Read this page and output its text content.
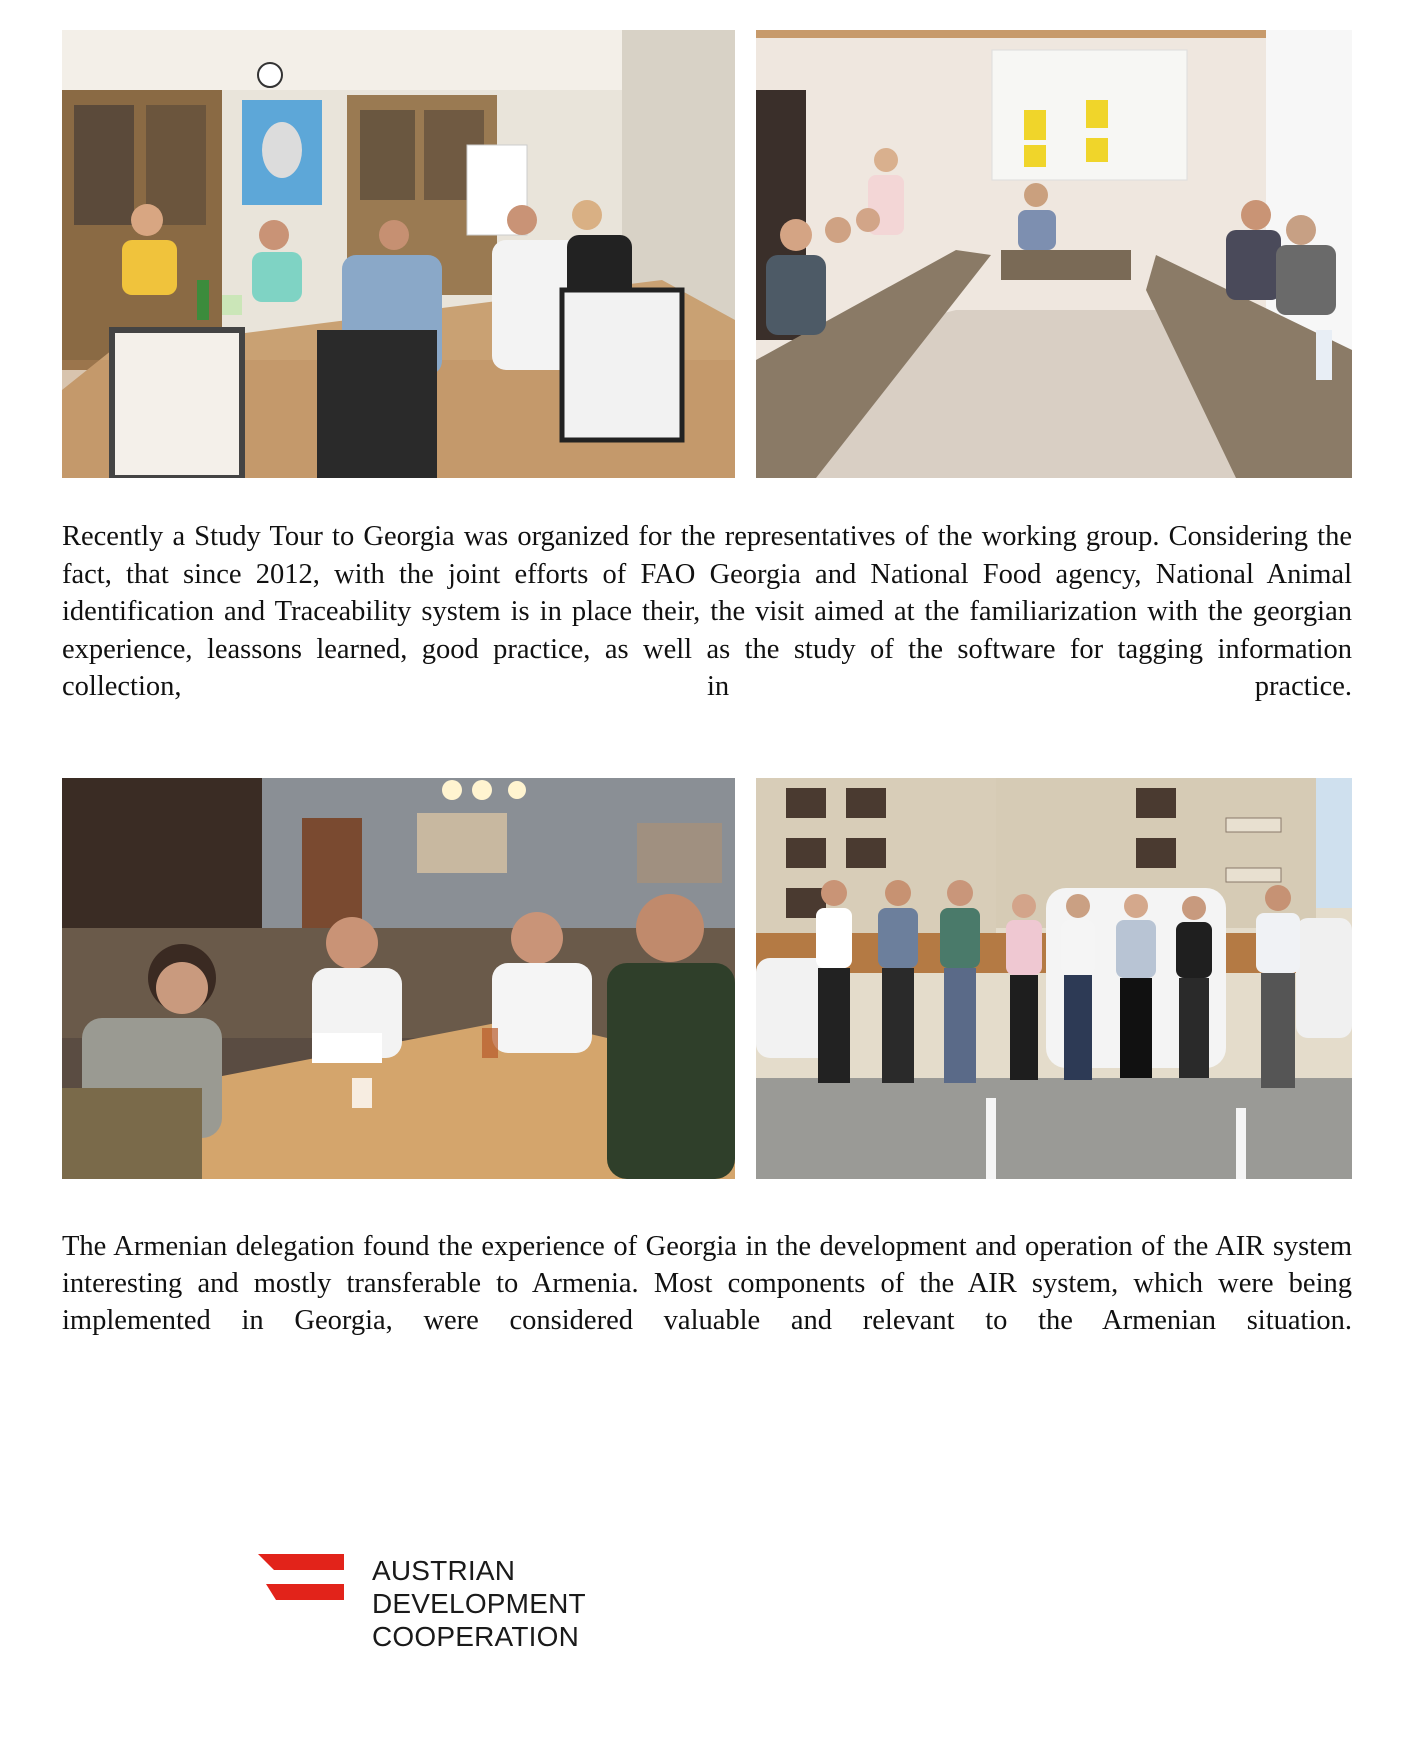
Recently a Study Tour to Georgia was organized for the representatives of the working group. Considering the fact, that since 2012, with the joint efforts of FAO Georgia and National Food agency, National Animal identification and Traceability system is in place their, the visit aimed at the familiarization with the georgian experience, leassons learned, good practice, as well as the study of the software for tagging information collection, in practice.

The Armenian delegation found the experience of Georgia in the development and operation of the AIR system interesting and mostly transferable to Armenia. Most components of the AIR system, which were being implemented in Georgia, were considered valuable and relevant to the Armenian situation.

AUSTRIAN
DEVELOPMENT
COOPERATION
